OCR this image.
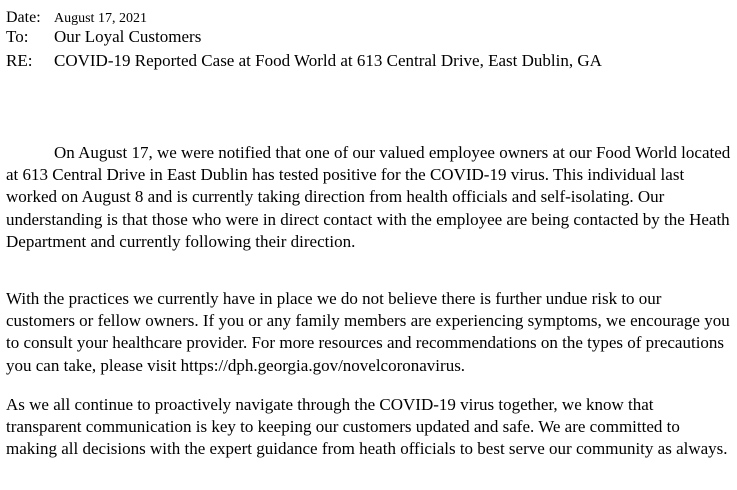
Date: August 17, 2021
To: Our Loyal Customers
RE: COVID-19 Reported Case at Food World at 613 Central Drive, East Dublin, GA

On August 17, we were notified that one of our valued employee owners at our Food World located at 613 Central Drive in East Dublin has tested positive for the COVID-19 virus. This individual last worked on August 8 and is currently taking direction from health officials and self-isolating. Our understanding is that those who were in direct contact with the employee are being contacted by the Heath Department and currently following their direction.

With the practices we currently have in place we do not believe there is further undue risk to our customers or fellow owners. If you or any family members are experiencing symptoms, we encourage you to consult your healthcare provider. For more resources and recommendations on the types of precautions you can take, please visit https://dph.georgia.gov/novelcoronavirus.

As we all continue to proactively navigate through the COVID-19 virus together, we know that transparent communication is key to keeping our customers updated and safe. We are committed to making all decisions with the expert guidance from heath officials to best serve our community as always.
